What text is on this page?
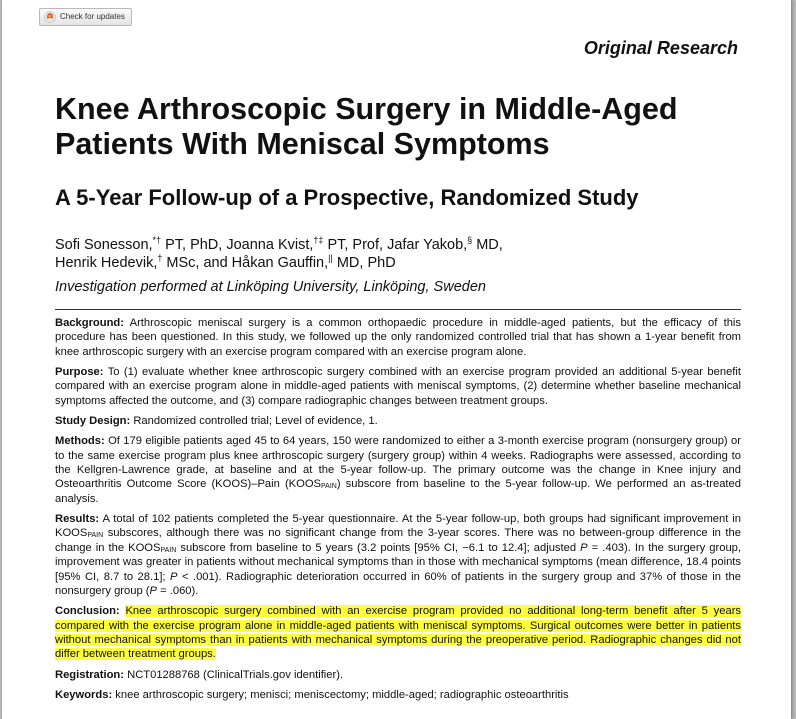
Check for updates
Original Research
Knee Arthroscopic Surgery in Middle-Aged Patients With Meniscal Symptoms
A 5-Year Follow-up of a Prospective, Randomized Study
Sofi Sonesson,*† PT, PhD, Joanna Kvist,†‡ PT, Prof, Jafar Yakob,§ MD,
Henrik Hedevik,† MSc, and Håkan Gauffin,|| MD, PhD
Investigation performed at Linköping University, Linköping, Sweden

Background: Arthroscopic meniscal surgery is a common orthopaedic procedure in middle-aged patients, but the efficacy of this procedure has been questioned. In this study, we followed up the only randomized controlled trial that has shown a 1-year benefit from knee arthroscopic surgery with an exercise program compared with an exercise program alone.

Purpose: To (1) evaluate whether knee arthroscopic surgery combined with an exercise program provided an additional 5-year benefit compared with an exercise program alone in middle-aged patients with meniscal symptoms, (2) determine whether baseline mechanical symptoms affected the outcome, and (3) compare radiographic changes between treatment groups.

Study Design: Randomized controlled trial; Level of evidence, 1.

Methods: Of 179 eligible patients aged 45 to 64 years, 150 were randomized to either a 3-month exercise program (nonsurgery group) or to the same exercise program plus knee arthroscopic surgery (surgery group) within 4 weeks. Radiographs were assessed, according to the Kellgren-Lawrence grade, at baseline and at the 5-year follow-up. The primary outcome was the change in Knee injury and Osteoarthritis Outcome Score (KOOS)–Pain $(KOOS_{PAIN})$ subscore from baseline to the 5-year follow-up. We performed an as-treated analysis.

Results: A total of 102 patients completed the 5-year questionnaire. At the 5-year follow-up, both groups had significant improvement in $KOOS_{PAIN}$ subscores, although there was no significant change from the 3-year scores. There was no between-group difference in the change in the $KOOS_{PAIN}$ subscore from baseline to 5 years (3.2 points [95% CI, −6.1 to 12.4]; adjusted P = .403). In the surgery group, improvement was greater in patients without mechanical symptoms than in those with mechanical symptoms (mean difference, 18.4 points [95% CI, 8.7 to 28.1]; P < .001). Radiographic deterioration occurred in 60% of patients in the surgery group and 37% of those in the nonsurgery group (P = .060).

Conclusion: Knee arthroscopic surgery combined with an exercise program provided no additional long-term benefit after 5 years compared with the exercise program alone in middle-aged patients with meniscal symptoms. Surgical outcomes were better in patients without mechanical symptoms than in patients with mechanical symptoms during the preoperative period. Radiographic changes did not differ between treatment groups.

Registration: NCT01288768 (ClinicalTrials.gov identifier).

Keywords: knee arthroscopic surgery; menisci; meniscectomy; middle-aged; radiographic osteoarthritis
